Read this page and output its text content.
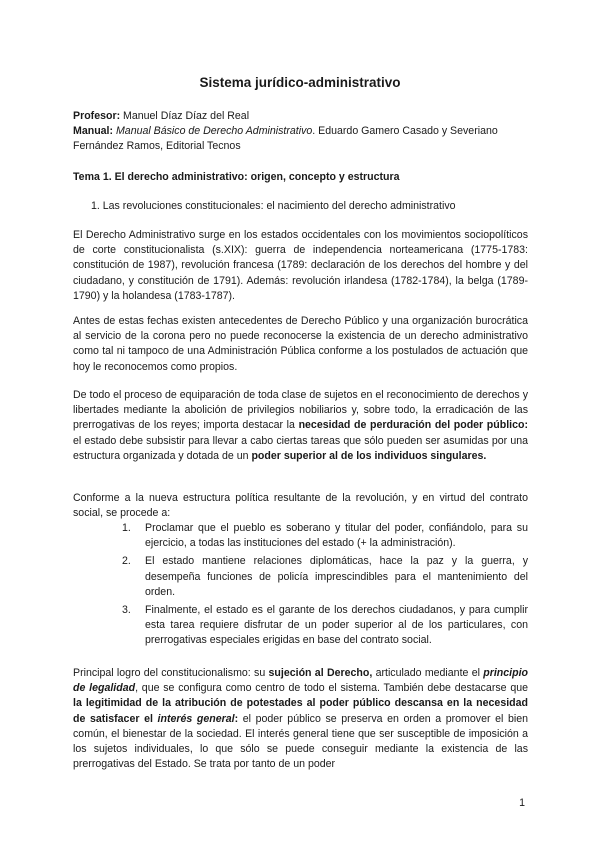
Sistema jurídico-administrativo

Profesor: Manuel Díaz Díaz del Real

Manual: Manual Básico de Derecho Administrativo. Eduardo Gamero Casado y Severiano Fernández Ramos, Editorial Tecnos

Tema 1. El derecho administrativo: origen, concepto y estructura

1. Las revoluciones constitucionales: el nacimiento del derecho administrativo

El Derecho Administrativo surge en los estados occidentales con los movimientos sociopolíticos de corte constitucionalista (s.XIX): guerra de independencia norteamericana (1775-1783: constitución de 1987), revolución francesa (1789: declaración de los derechos del hombre y del ciudadano, y constitución de 1791). Además: revolución irlandesa (1782-1784), la belga (1789-1790) y la holandesa (1783-1787).

Antes de estas fechas existen antecedentes de Derecho Público y una organización burocrática al servicio de la corona pero no puede reconocerse la existencia de un derecho administrativo como tal ni tampoco de una Administración Pública conforme a los postulados de actuación que hoy le reconocemos como propios.

De todo el proceso de equiparación de toda clase de sujetos en el reconocimiento de derechos y libertades mediante la abolición de privilegios nobiliarios y, sobre todo, la erradicación de las prerrogativas de los reyes; importa destacar la necesidad de perduración del poder público: el estado debe subsistir para llevar a cabo ciertas tareas que sólo pueden ser asumidas por una estructura organizada y dotada de un poder superior al de los individuos singulares.

Conforme a la nueva estructura política resultante de la revolución, y en virtud del contrato social, se procede a:

1. Proclamar que el pueblo es soberano y titular del poder, confiándolo, para su ejercicio, a todas las instituciones del estado (+ la administración).
2. El estado mantiene relaciones diplomáticas, hace la paz y la guerra, y desempeña funciones de policía imprescindibles para el mantenimiento del orden.
3. Finalmente, el estado es el garante de los derechos ciudadanos, y para cumplir esta tarea requiere disfrutar de un poder superior al de los particulares, con prerrogativas especiales erigidas en base del contrato social.

Principal logro del constitucionalismo: su sujeción al Derecho, articulado mediante el principio de legalidad, que se configura como centro de todo el sistema. También debe destacarse que la legitimidad de la atribución de potestades al poder público descansa en la necesidad de satisfacer el interés general: el poder público se preserva en orden a promover el bien común, el bienestar de la sociedad. El interés general tiene que ser susceptible de imposición a los sujetos individuales, lo que sólo se puede conseguir mediante la existencia de las prerrogativas del Estado. Se trata por tanto de un poder

1
